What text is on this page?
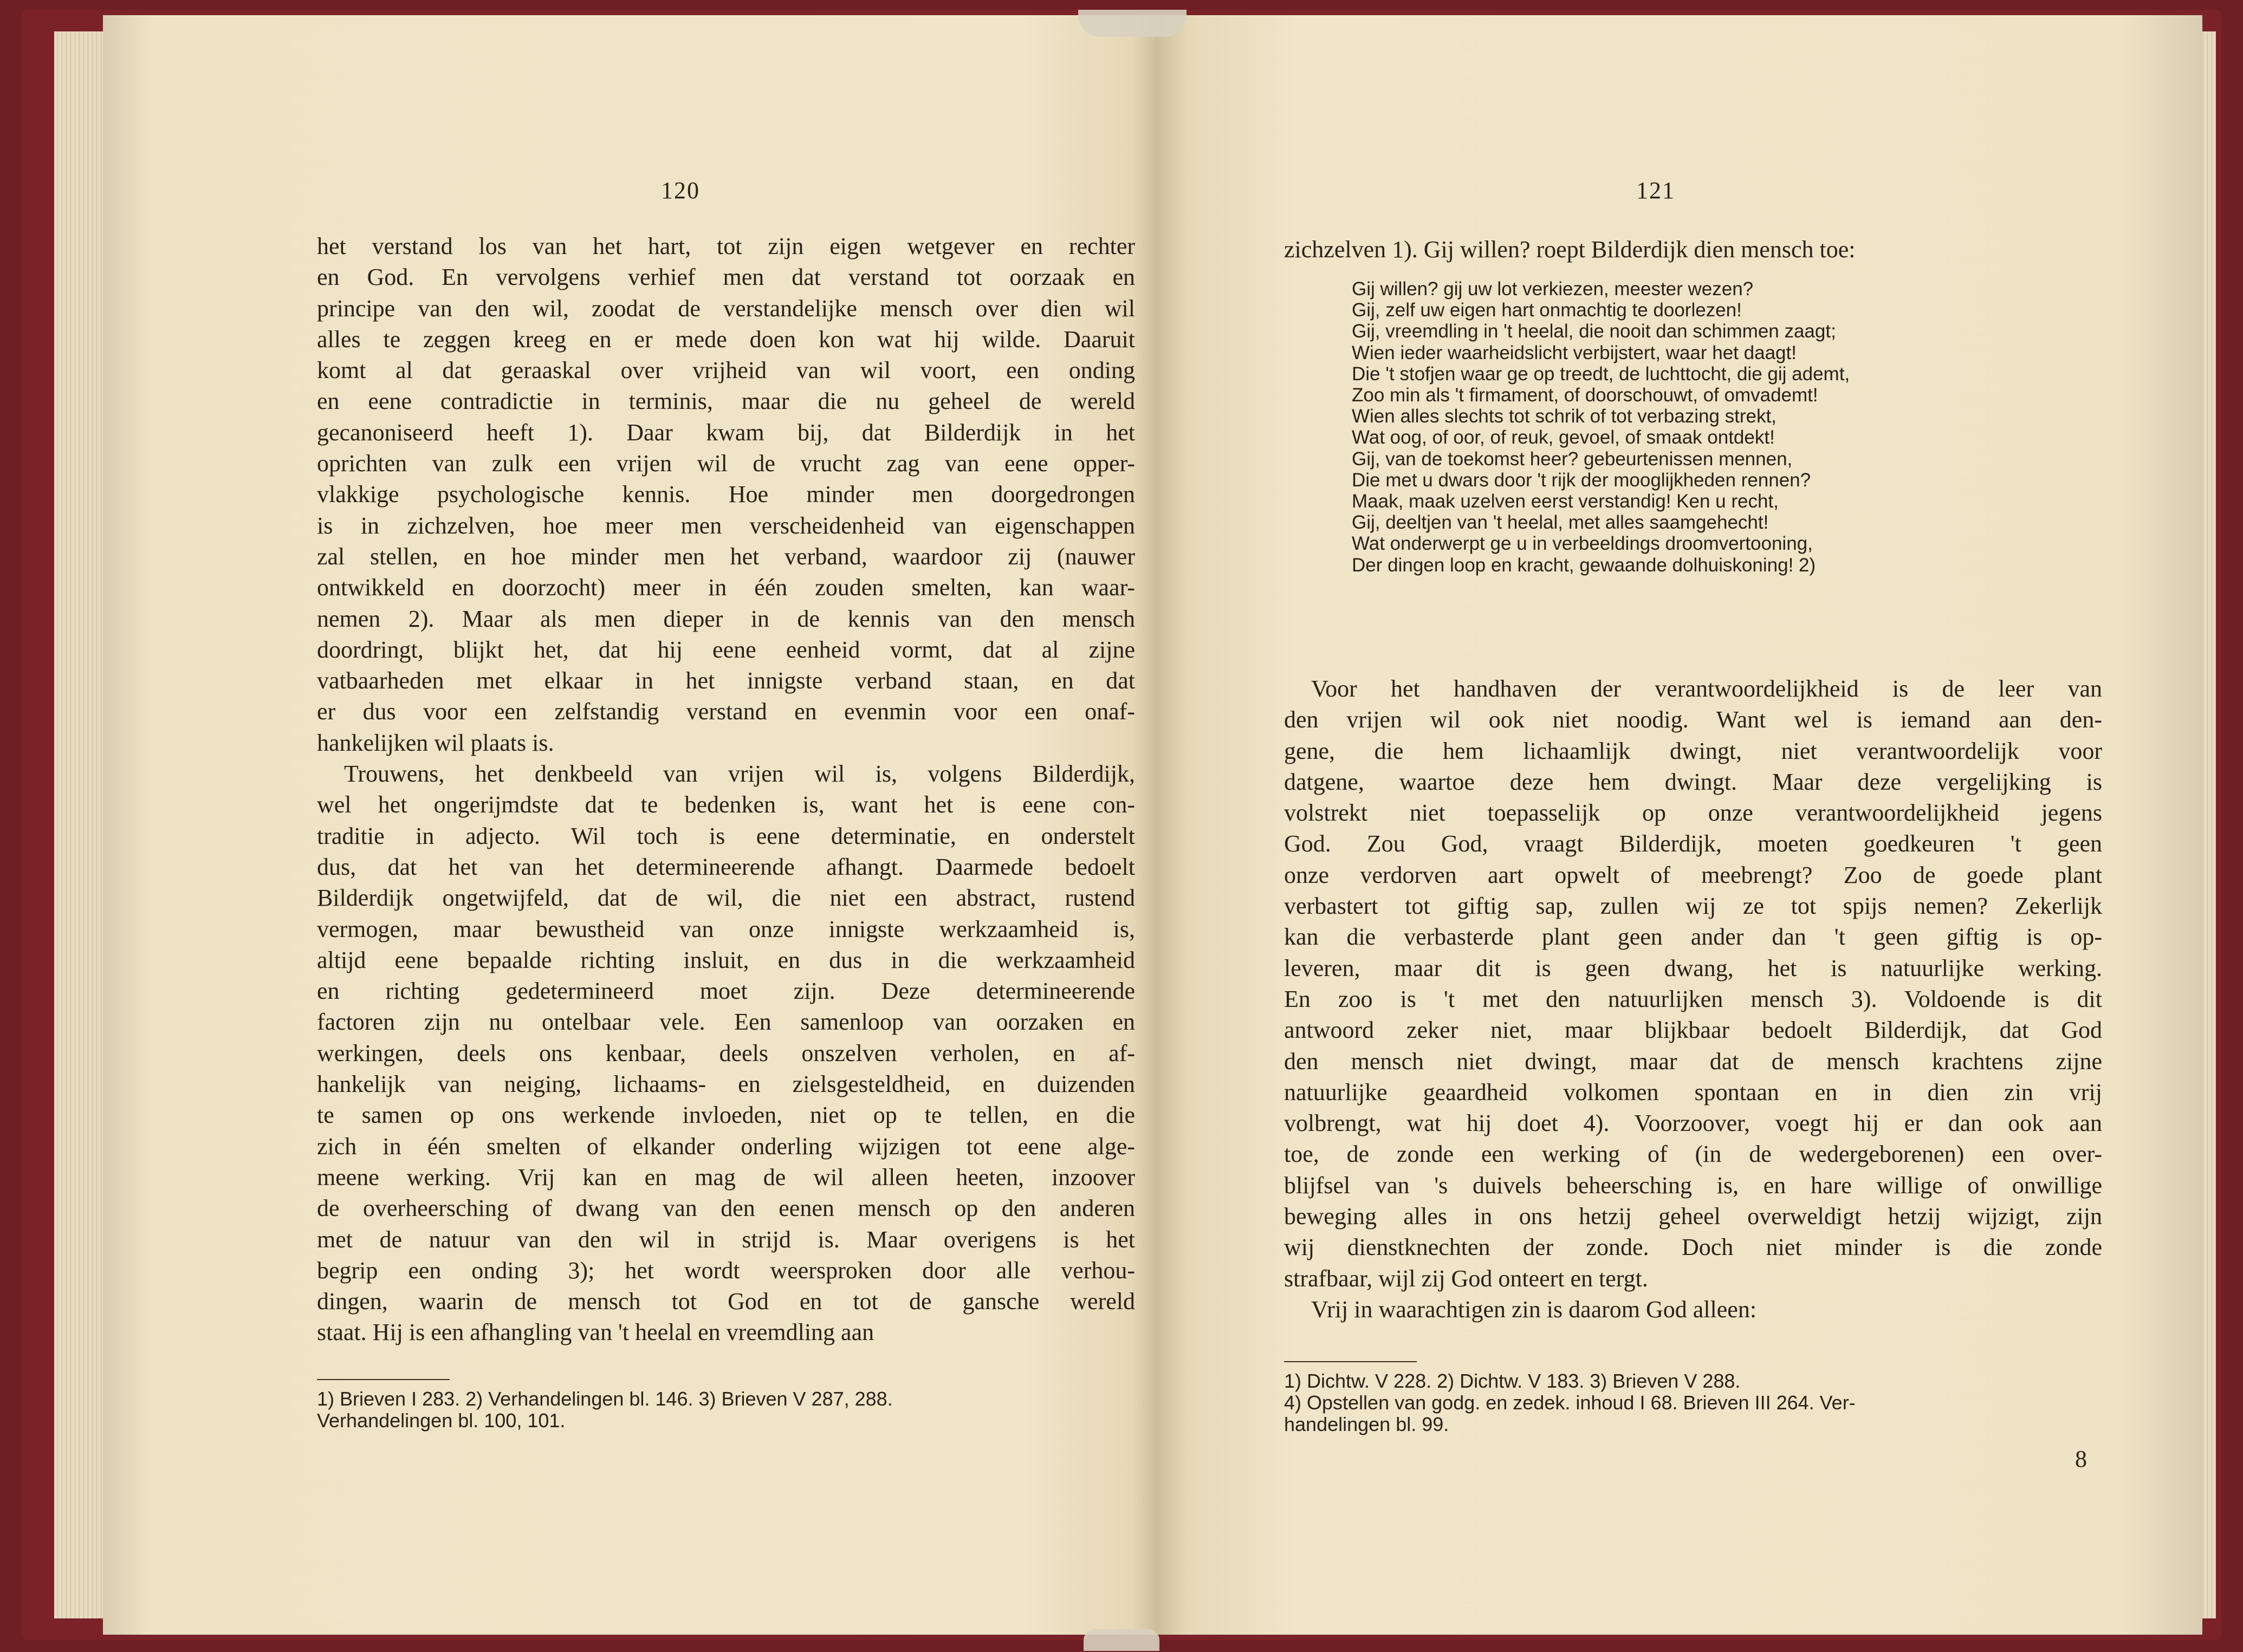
120
het verstand los van het hart, tot zijn eigen wetgever en rechter
en God. En vervolgens verhief men dat verstand tot oorzaak en
principe van den wil, zoodat de verstandelijke mensch over dien wil
alles te zeggen kreeg en er mede doen kon wat hij wilde. Daaruit
komt al dat geraaskal over vrijheid van wil voort, een onding
en eene contradictie in terminis, maar die nu geheel de wereld
gecanoniseerd heeft 1). Daar kwam bij, dat Bilderdijk in het
oprichten van zulk een vrijen wil de vrucht zag van eene opper-
vlakkige psychologische kennis. Hoe minder men doorgedrongen
is in zichzelven, hoe meer men verscheidenheid van eigenschappen
zal stellen, en hoe minder men het verband, waardoor zij (nauwer
ontwikkeld en doorzocht) meer in één zouden smelten, kan waar-
nemen 2). Maar als men dieper in de kennis van den mensch
doordringt, blijkt het, dat hij eene eenheid vormt, dat al zijne
vatbaarheden met elkaar in het innigste verband staan, en dat
er dus voor een zelfstandig verstand en evenmin voor een onaf-
hankelijken wil plaats is.
Trouwens, het denkbeeld van vrijen wil is, volgens Bilderdijk,
wel het ongerijmdste dat te bedenken is, want het is eene con-
traditie in adjecto. Wil toch is eene determinatie, en onderstelt
dus, dat het van het determineerende afhangt. Daarmede bedoelt
Bilderdijk ongetwijfeld, dat de wil, die niet een abstract, rustend
vermogen, maar bewustheid van onze innigste werkzaamheid is,
altijd eene bepaalde richting insluit, en dus in die werkzaamheid
en richting gedetermineerd moet zijn. Deze determineerende
factoren zijn nu ontelbaar vele. Een samenloop van oorzaken en
werkingen, deels ons kenbaar, deels onszelven verholen, en af-
hankelijk van neiging, lichaams- en zielsgesteldheid, en duizenden
te samen op ons werkende invloeden, niet op te tellen, en die
zich in één smelten of elkander onderling wijzigen tot eene alge-
meene werking. Vrij kan en mag de wil alleen heeten, inzoover
de overheersching of dwang van den eenen mensch op den anderen
met de natuur van den wil in strijd is. Maar overigens is het
begrip een onding 3); het wordt weersproken door alle verhou-
dingen, waarin de mensch tot God en tot de gansche wereld
staat. Hij is een afhangling van 't heelal en vreemdling aan
1) Brieven I 283. 2) Verhandelingen bl. 146. 3) Brieven V 287, 288.
Verhandelingen bl. 100, 101.
121
zichzelven 1). Gij willen? roept Bilderdijk dien mensch toe:
Gij willen? gij uw lot verkiezen, meester wezen?
Gij, zelf uw eigen hart onmachtig te doorlezen!
Gij, vreemdling in 't heelal, die nooit dan schimmen zaagt;
Wien ieder waarheidslicht verbijstert, waar het daagt!
Die 't stofjen waar ge op treedt, de luchttocht, die gij ademt,
Zoo min als 't firmament, of doorschouwt, of omvademt!
Wien alles slechts tot schrik of tot verbazing strekt,
Wat oog, of oor, of reuk, gevoel, of smaak ontdekt!
Gij, van de toekomst heer? gebeurtenissen mennen,
Die met u dwars door 't rijk der mooglijkheden rennen?
Maak, maak uzelven eerst verstandig! Ken u recht,
Gij, deeltjen van 't heelal, met alles saamgehecht!
Wat onderwerpt ge u in verbeeldings droomvertooning,
Der dingen loop en kracht, gewaande dolhuiskoning! 2)
Voor het handhaven der verantwoordelijkheid is de leer van
den vrijen wil ook niet noodig. Want wel is iemand aan den-
gene, die hem lichaamlijk dwingt, niet verantwoordelijk voor
datgene, waartoe deze hem dwingt. Maar deze vergelijking is
volstrekt niet toepasselijk op onze verantwoordelijkheid jegens
God. Zou God, vraagt Bilderdijk, moeten goedkeuren 't geen
onze verdorven aart opwelt of meebrengt? Zoo de goede plant
verbastert tot giftig sap, zullen wij ze tot spijs nemen? Zekerlijk
kan die verbasterde plant geen ander dan 't geen giftig is op-
leveren, maar dit is geen dwang, het is natuurlijke werking.
En zoo is 't met den natuurlijken mensch 3). Voldoende is dit
antwoord zeker niet, maar blijkbaar bedoelt Bilderdijk, dat God
den mensch niet dwingt, maar dat de mensch krachtens zijne
natuurlijke geaardheid volkomen spontaan en in dien zin vrij
volbrengt, wat hij doet 4). Voorzoover, voegt hij er dan ook aan
toe, de zonde een werking of (in de wedergeborenen) een over-
blijfsel van 's duivels beheersching is, en hare willige of onwillige
beweging alles in ons hetzij geheel overweldigt hetzij wijzigt, zijn
wij dienstknechten der zonde. Doch niet minder is die zonde
strafbaar, wijl zij God onteert en tergt.
Vrij in waarachtigen zin is daarom God alleen:
1) Dichtw. V 228. 2) Dichtw. V 183. 3) Brieven V 288.
4) Opstellen van godg. en zedek. inhoud I 68. Brieven III 264. Ver-
handelingen bl. 99.
8
